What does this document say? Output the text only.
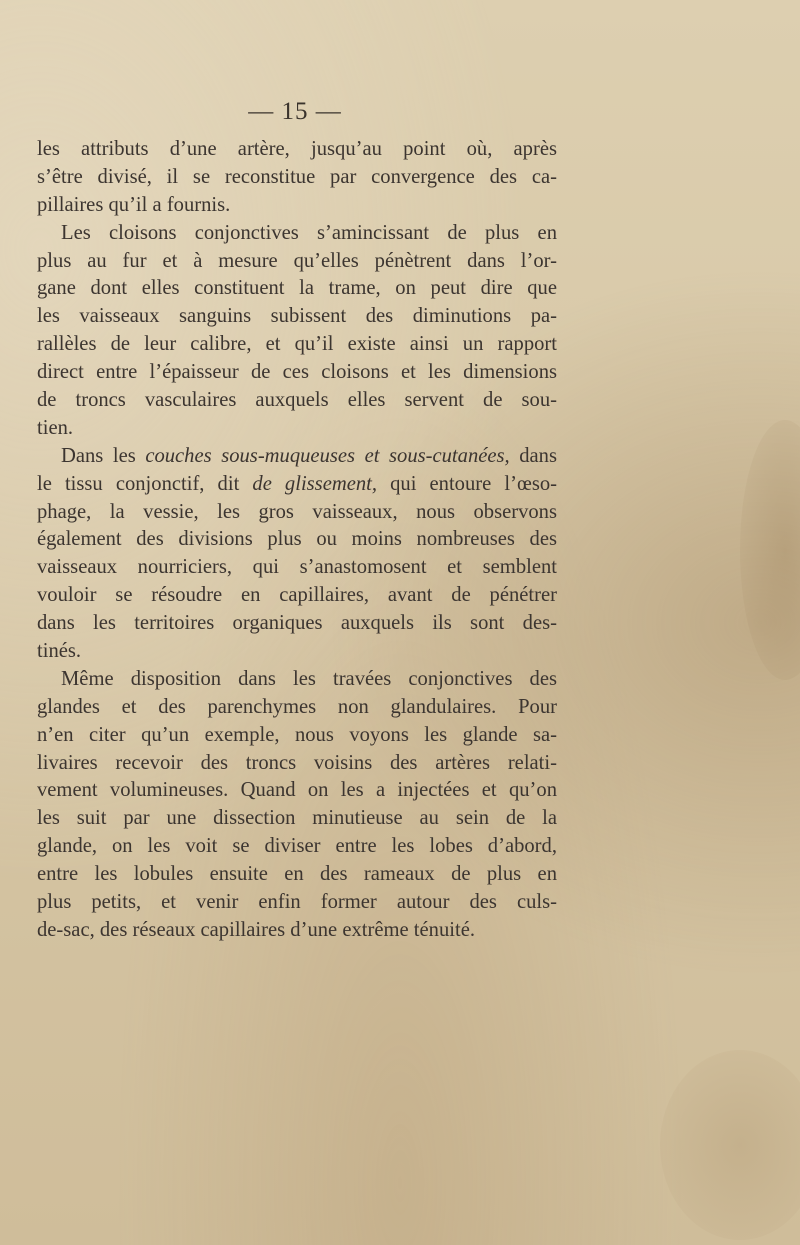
— 15 —
les attributs d’une artère, jusqu’au point où, après
s’être divisé, il se reconstitue par convergence des ca-
pillaires qu’il a fournis.
Les cloisons conjonctives s’amincissant de plus en
plus au fur et à mesure qu’elles pénètrent dans l’or-
gane dont elles constituent la trame, on peut dire que
les vaisseaux sanguins subissent des diminutions pa-
rallèles de leur calibre, et qu’il existe ainsi un rapport
direct entre l’épaisseur de ces cloisons et les dimensions
de troncs vasculaires auxquels elles servent de sou-
tien.
Dans les couches sous-muqueuses et sous-cutanées, dans
le tissu conjonctif, dit de glissement, qui entoure l’œso-
phage, la vessie, les gros vaisseaux, nous observons
également des divisions plus ou moins nombreuses des
vaisseaux nourriciers, qui s’anastomosent et semblent
vouloir se résoudre en capillaires, avant de pénétrer
dans les territoires organiques auxquels ils sont des-
tinés.
Même disposition dans les travées conjonctives des
glandes et des parenchymes non glandulaires. Pour
n’en citer qu’un exemple, nous voyons les glande sa-
livaires recevoir des troncs voisins des artères relati-
vement volumineuses. Quand on les a injectées et qu’on
les suit par une dissection minutieuse au sein de la
glande, on les voit se diviser entre les lobes d’abord,
entre les lobules ensuite en des rameaux de plus en
plus petits, et venir enfin former autour des culs-
de-sac, des réseaux capillaires d’une extrême ténuité.
